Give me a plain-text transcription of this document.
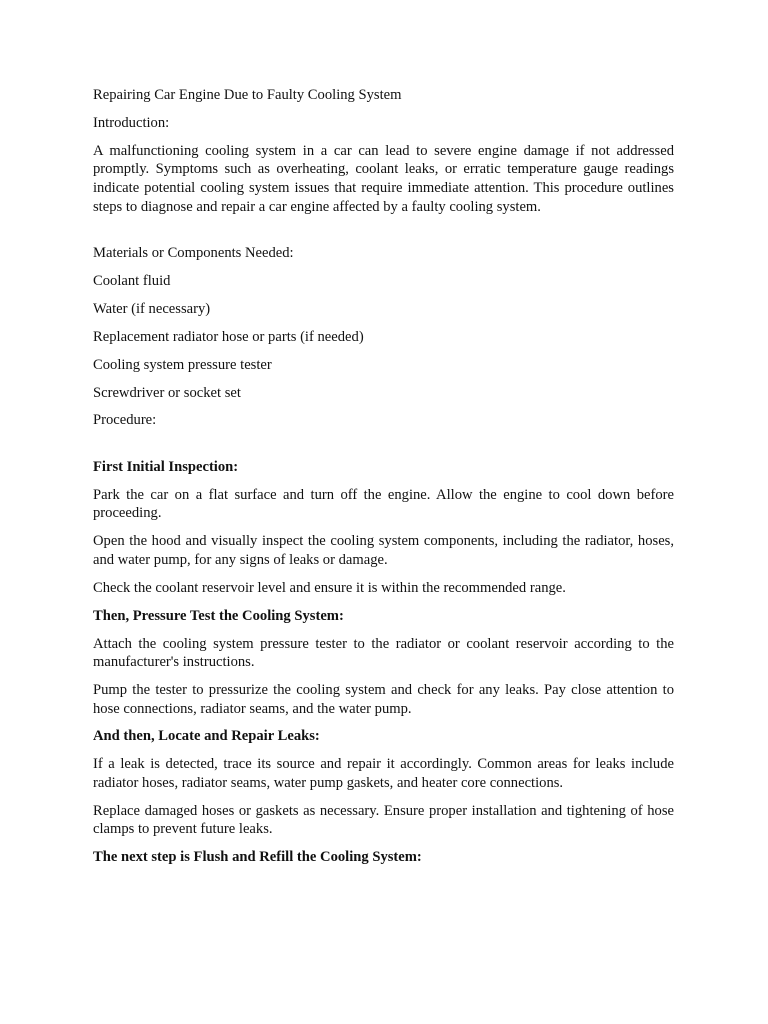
Repairing Car Engine Due to Faulty Cooling System

Introduction:

A malfunctioning cooling system in a car can lead to severe engine damage if not addressed promptly. Symptoms such as overheating, coolant leaks, or erratic temperature gauge readings indicate potential cooling system issues that require immediate attention. This procedure outlines steps to diagnose and repair a car engine affected by a faulty cooling system.

Materials or Components Needed:

Coolant fluid

Water (if necessary)

Replacement radiator hose or parts (if needed)

Cooling system pressure tester

Screwdriver or socket set

Procedure:

First Initial Inspection:

Park the car on a flat surface and turn off the engine. Allow the engine to cool down before proceeding.

Open the hood and visually inspect the cooling system components, including the radiator, hoses, and water pump, for any signs of leaks or damage.

Check the coolant reservoir level and ensure it is within the recommended range.

Then, Pressure Test the Cooling System:

Attach the cooling system pressure tester to the radiator or coolant reservoir according to the manufacturer's instructions.

Pump the tester to pressurize the cooling system and check for any leaks. Pay close attention to hose connections, radiator seams, and the water pump.

And then, Locate and Repair Leaks:

If a leak is detected, trace its source and repair it accordingly. Common areas for leaks include radiator hoses, radiator seams, water pump gaskets, and heater core connections.

Replace damaged hoses or gaskets as necessary. Ensure proper installation and tightening of hose clamps to prevent future leaks.

The next step is Flush and Refill the Cooling System:
